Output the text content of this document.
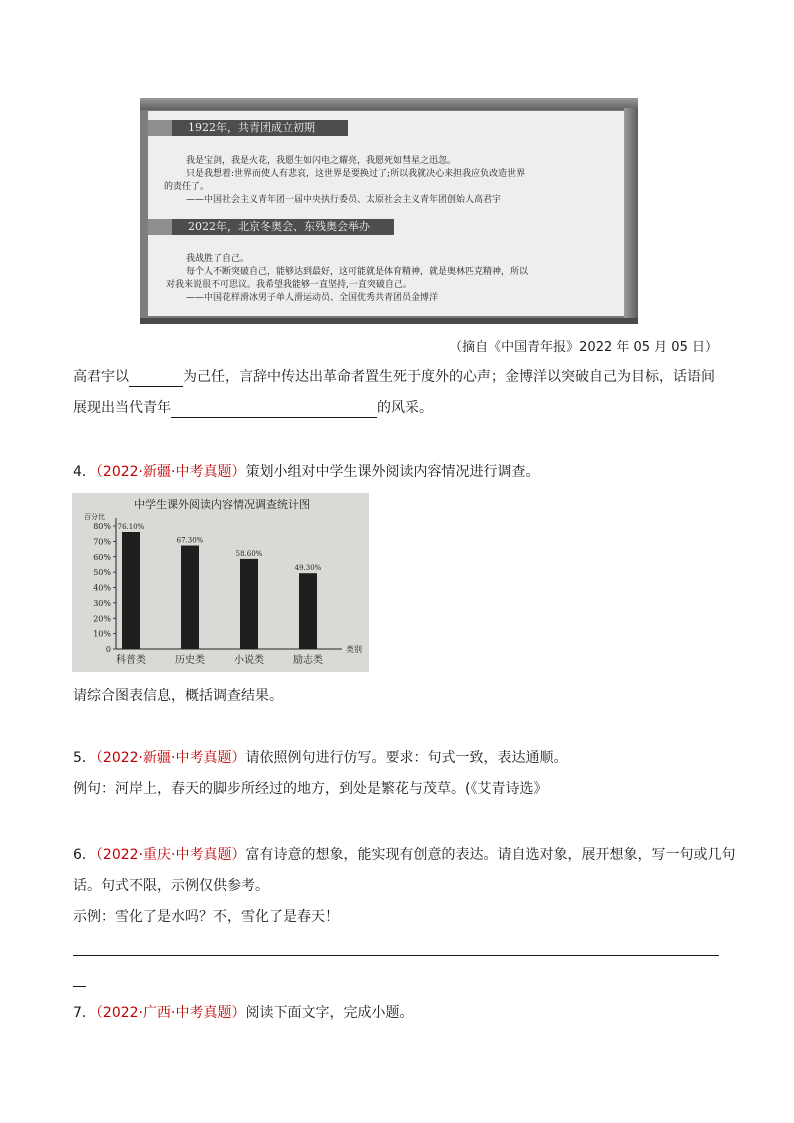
1922年，共青团成立初期
我是宝剑，我是火花，我愿生如闪电之耀亮，我愿死如彗星之迅忽。
只是我想着:世界而使人有悲哀，这世界是要换过了;所以我就决心来担我应负改造世界
的责任了。
——中国社会主义青年团一届中央执行委员、太原社会主义青年团创始人高君宇
2022年，北京冬奥会、东残奥会举办
我战胜了自己。
每个人不断突破自己，能够达到最好，这可能就是体育精神，就是奥林匹克精神，所以
对我来说很不可思议。我希望我能够一直坚持,一直突破自己。
——中国花样滑冰男子单人滑运动员、全国优秀共青团员金博洋
（摘自《中国青年报》2022 年 05 月 05 日）
高君宇以	为己任，言辞中传达出革命者置生死于度外的心声；金博洋以突破自己为目标，话语间
展现出当代青年	的风采。
4．（2022·新疆·中考真题）策划小组对中学生课外阅读内容情况进行调查。
中学生课外阅读内容情况调查统计图
百分比
类别
0
10%
20%
30%
40%
50%
60%
70%
80% 76.10%
科普类
67.30%
历史类
58.60%
小说类
49.30%
励志类
请综合图表信息，概括调查结果。
5．（2022·新疆·中考真题）请依照例句进行仿写。要求：句式一致，表达通顺。
例句：河岸上，春天的脚步所经过的地方，到处是繁花与茂草。(《艾青诗选》
6．（2022·重庆·中考真题）富有诗意的想象，能实现有创意的表达。请自选对象，展开想象，写一句或几句
话。句式不限，示例仅供参考。
示例：雪化了是水吗？不，雪化了是春天！
7．（2022·广西·中考真题）阅读下面文字，完成小题。
